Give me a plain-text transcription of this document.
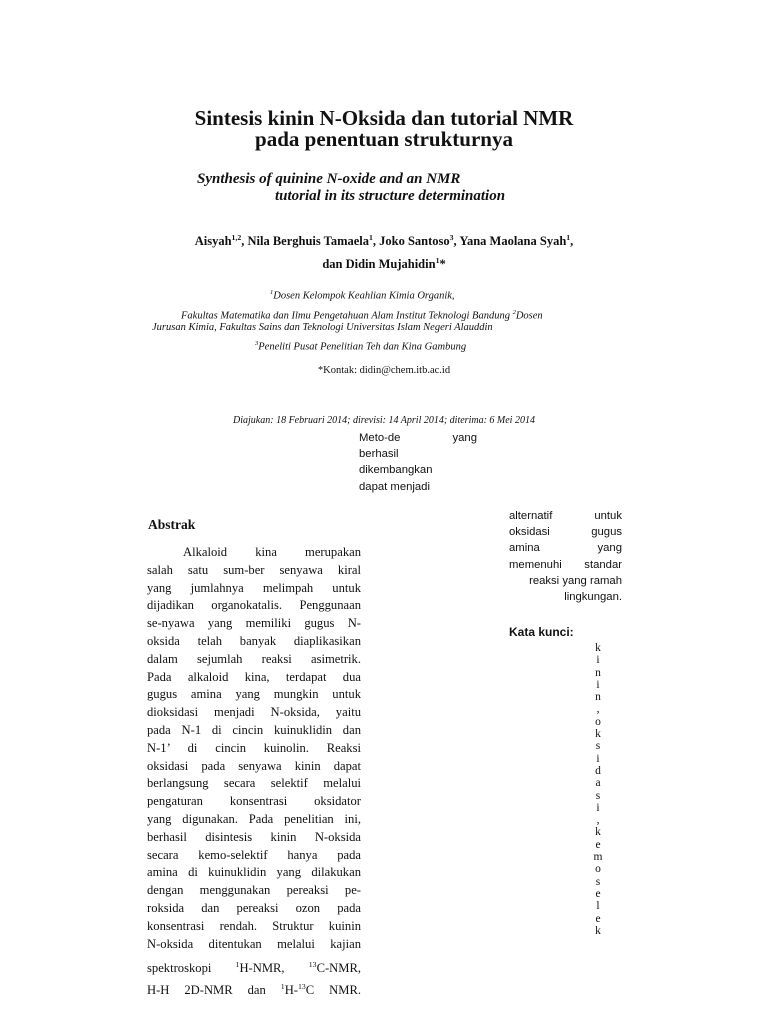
Sintesis kinin N-Oksida dan tutorial NMR
pada penentuan strukturnya
Synthesis of quinine N-oxide and an NMR
tutorial in its structure determination
Aisyah$^{1,2}$, Nila Berghuis Tamaela$^1$, Joko Santoso$^3$, Yana Maolana Syah$^1$,
dan Didin Mujahidin$^1$*
$^1$Dosen Kelompok Keahlian Kimia Organik,
Fakultas Matematika dan Ilmu Pengetahuan Alam Institut Teknologi Bandung $^2$Dosen
Jurusan Kimia, Fakultas Sains dan Teknologi Universitas Islam Negeri Alauddin
$^3$Peneliti Pusat Penelitian Teh dan Kina Gambung
*Kontak: didin@chem.itb.ac.id
Diajukan: 18 Februari 2014; direvisi: 14 April 2014; diterima: 6 Mei 2014
Meto-de	yang
berhasil
dikembangkan
dapat menjadi
alternatif untuk
oksidasi gugus
amina yang
memenuhi standar
reaksi yang ramah
lingkungan.
Kata kunci:
k
i
n
i
n
,
o
k
s
i
d
a
s
i
,
k
e
m
o
s
e
l
e
k
Abstrak
Alkaloid kina merupakan
salah satu sum-ber senyawa kiral
yang jumlahnya melimpah untuk
dijadikan organokatalis. Penggunaan
se-nyawa yang memiliki gugus N-
oksida telah banyak diaplikasikan
dalam sejumlah reaksi asimetrik.
Pada alkaloid kina, terdapat dua
gugus amina yang mungkin untuk
dioksidasi menjadi N-oksida, yaitu
pada N-1 di cincin kuinuklidin dan
N-1’ di cincin kuinolin. Reaksi
oksidasi pada senyawa kinin dapat
berlangsung secara selektif melalui
pengaturan konsentrasi oksidator
yang digunakan. Pada penelitian ini,
berhasil disintesis kinin N-oksida
secara kemo-selektif hanya pada
amina di kuinuklidin yang dilakukan
dengan menggunakan pereaksi pe-
roksida dan pereaksi ozon pada
konsentrasi rendah. Struktur kuinin
N-oksida ditentukan melalui kajian
spektroskopi $^1$H-NMR, $^{13}$C-NMR,
H-H 2D-NMR dan $^1$H-$^{13}$C NMR.
